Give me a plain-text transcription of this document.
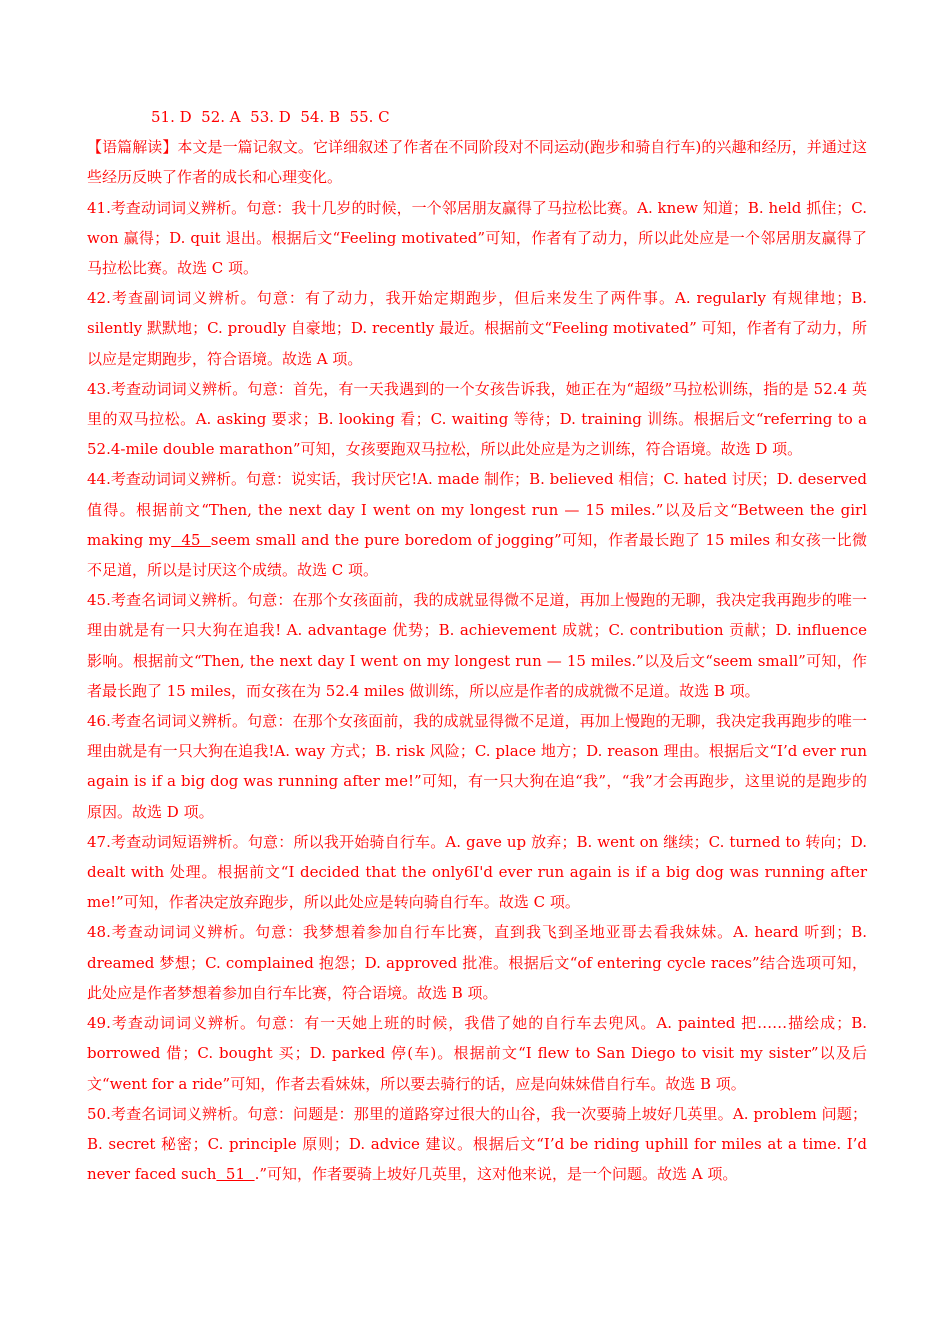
51. D  52. A  53. D  54. B  55. C

【语篇解读】本文是一篇记叙文。它详细叙述了作者在不同阶段对不同运动(跑步和骑自行车)的兴趣和经历，并通过这些经历反映了作者的成长和心理变化。

41.考查动词词义辨析。句意：我十几岁的时候，一个邻居朋友赢得了马拉松比赛。A. knew 知道；B. held 抓住；C. won 赢得；D. quit 退出。根据后文“Feeling motivated”可知，作者有了动力，所以此处应是一个邻居朋友赢得了马拉松比赛。故选 C 项。

42.考查副词词义辨析。句意：有了动力，我开始定期跑步，但后来发生了两件事。A. regularly 有规律地；B. silently 默默地；C. proudly 自豪地；D. recently 最近。根据前文“Feeling motivated” 可知，作者有了动力，所以应是定期跑步，符合语境。故选 A 项。

43.考查动词词义辨析。句意：首先，有一天我遇到的一个女孩告诉我，她正在为“超级”马拉松训练，指的是 52.4 英里的双马拉松。A. asking 要求；B. looking 看；C. waiting 等待；D. training 训练。根据后文“referring to a 52.4-mile double marathon”可知，女孩要跑双马拉松，所以此处应是为之训练，符合语境。故选 D 项。

44.考查动词词义辨析。句意：说实话，我讨厌它!A. made 制作；B. believed 相信；C. hated 讨厌；D. deserved 值得。根据前文“Then, the next day I went on my longest run — 15 miles.”以及后文“Between the girl making my  45  seem small and the pure boredom of jogging”可知，作者最长跑了 15 miles 和女孩一比微不足道，所以是讨厌这个成绩。故选 C 项。

45.考查名词词义辨析。句意：在那个女孩面前，我的成就显得微不足道，再加上慢跑的无聊，我决定我再跑步的唯一理由就是有一只大狗在追我! A. advantage 优势；B. achievement 成就；C. contribution 贡献；D. influence 影响。根据前文“Then, the next day I went on my longest run — 15 miles.”以及后文“seem small”可知，作者最长跑了 15 miles，而女孩在为 52.4 miles 做训练，所以应是作者的成就微不足道。故选 B 项。

46.考查名词词义辨析。句意：在那个女孩面前，我的成就显得微不足道，再加上慢跑的无聊，我决定我再跑步的唯一理由就是有一只大狗在追我!A. way 方式；B. risk 风险；C. place 地方；D. reason 理由。根据后文“I’d ever run again is if a big dog was running after me!”可知，有一只大狗在追“我”，“我”才会再跑步，这里说的是跑步的原因。故选 D 项。

47.考查动词短语辨析。句意：所以我开始骑自行车。A. gave up 放弃；B. went on 继续；C. turned to 转向；D. dealt with 处理。根据前文“I decided that the only6I'd ever run again is if a big dog was running after me!”可知，作者决定放弃跑步，所以此处应是转向骑自行车。故选 C 项。

48.考查动词词义辨析。句意：我梦想着参加自行车比赛，直到我飞到圣地亚哥去看我妹妹。A. heard 听到；B. dreamed 梦想；C. complained 抱怨；D. approved 批准。根据后文“of entering cycle races”结合选项可知，此处应是作者梦想着参加自行车比赛，符合语境。故选 B 项。

49.考查动词词义辨析。句意：有一天她上班的时候，我借了她的自行车去兜风。A. painted 把……描绘成；B. borrowed 借；C. bought 买；D. parked 停(车)。根据前文“I flew to San Diego to visit my sister”以及后文“went for a ride”可知，作者去看妹妹，所以要去骑行的话，应是向妹妹借自行车。故选 B 项。

50.考查名词词义辨析。句意：问题是：那里的道路穿过很大的山谷，我一次要骑上坡好几英里。A. problem 问题；B. secret 秘密；C. principle 原则；D. advice 建议。根据后文“I’d be riding uphill for miles at a time. I’d never faced such  51  .”可知，作者要骑上坡好几英里，这对他来说，是一个问题。故选 A 项。
